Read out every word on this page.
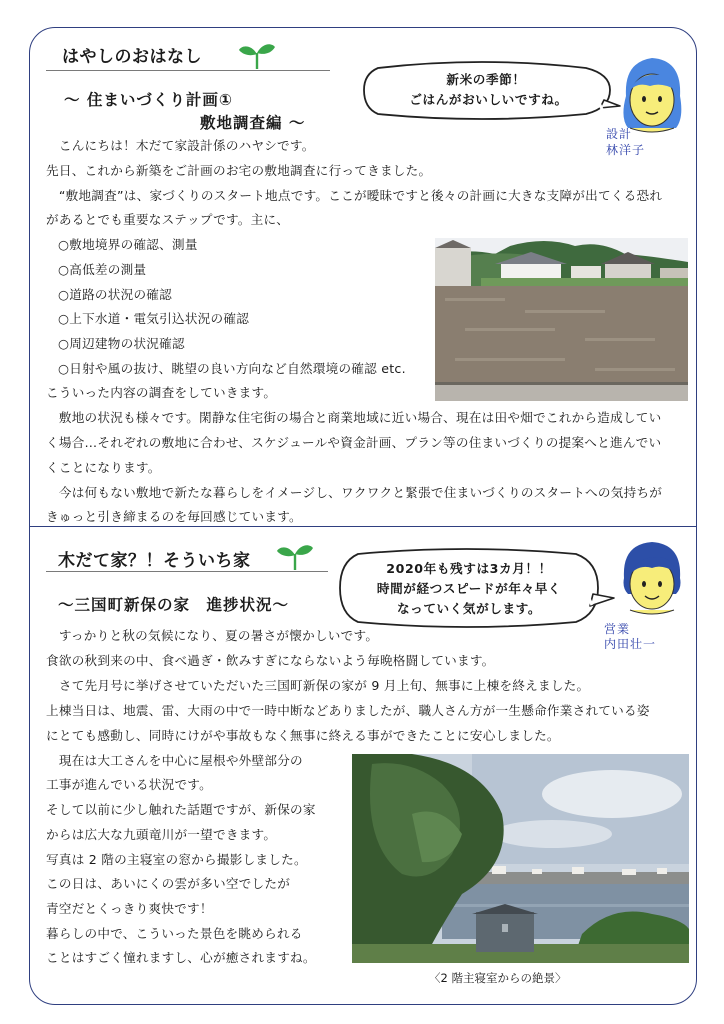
はやしのおはなし
～ 住まいづくり計画①
敷地調査編 ～
新米の季節！
ごはんがおいしいですね。
設計
林洋子

　こんにちは！木だて家設計係のハヤシです。

先日、これから新築をご計画のお宅の敷地調査に行ってきました。

　“敷地調査”は、家づくりのスタート地点です。ここが曖昧ですと後々の計画に大きな支障が出てくる恐れ

があるとでも重要なステップです。主に、

○敷地境界の確認、測量

○高低差の測量

○道路の状況の確認

○上下水道・電気引込状況の確認

○周辺建物の状況確認

○日射や風の抜け、眺望の良い方向など自然環境の確認 etc.

こういった内容の調査をしていきます。

　敷地の状況も様々です。閑静な住宅街の場合と商業地域に近い場合、現在は田や畑でこれから造成してい

く場合…それぞれの敷地に合わせ、スケジュールや資金計画、プラン等の住まいづくりの提案へと進んでい

くことになります。

　今は何もない敷地で新たな暮らしをイメージし、ワクワクと緊張で住まいづくりのスタートへの気持ちが

きゅっと引き締まるのを毎回感じています。

木だて家？！そういち家
～三国町新保の家　進捗状況～
2020年も残すは3カ月！！
時間が経つスピードが年々早く
なっていく気がします。
営業
内田壮一

　すっかりと秋の気候になり、夏の暑さが懐かしいです。

食欲の秋到来の中、食べ過ぎ・飲みすぎにならないよう毎晩格闘しています。

　さて先月号に挙げさせていただいた三国町新保の家が 9 月上旬、無事に上棟を終えました。

上棟当日は、地震、雷、大雨の中で一時中断などありましたが、職人さん方が一生懸命作業されている姿

にとても感動し、同時にけがや事故もなく無事に終える事ができたことに安心しました。

　現在は大工さんを中心に屋根や外壁部分の

工事が進んでいる状況です。

そして以前に少し触れた話題ですが、新保の家

からは広大な九頭竜川が一望できます。

写真は 2 階の主寝室の窓から撮影しました。

この日は、あいにくの雲が多い空でしたが

青空だとくっきり爽快です！

暮らしの中で、こういった景色を眺められる

ことはすごく憧れますし、心が癒されますね。

〈2 階主寝室からの絶景〉
